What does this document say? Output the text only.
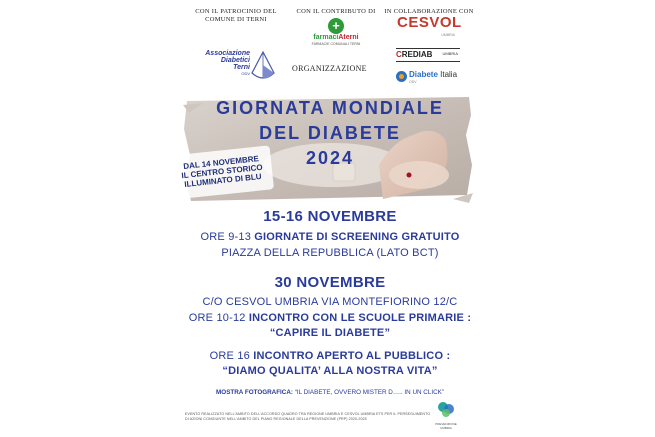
CON IL PATROCINIO DEL
COMUNE DI TERNI
CON IL CONTRIBUTO DI	IN COLLABORAZIONE CON
+
farmaciAterni
FARMACIE COMUNALI TERNI
CESVOL
UMBRIA
Associazione
Diabetici
Terni
ODV
ORGANIZZAZIONE
CREDIAB	UMBRIA
Diabete Italia
ODV
GIORNATA MONDIALE
DEL DIABETE
2024
DAL 14 NOVEMBRE
IL CENTRO STORICO
ILLUMINATO DI BLU
15-16 NOVEMBRE
ORE 9-13 GIORNATE DI SCREENING GRATUITO
PIAZZA DELLA REPUBBLICA (LATO BCT)
30 NOVEMBRE
C/O CESVOL UMBRIA VIA MONTEFIORINO 12/C
ORE 10-12 INCONTRO CON LE SCUOLE PRIMARIE :
“CAPIRE IL DIABETE”
ORE 16 INCONTRO APERTO AL PUBBLICO :
“DIAMO QUALITA’ ALLA NOSTRA VITA”
MOSTRA FOTOGRAFICA: “IL DIABETE, OVVERO MISTER D….. IN UN CLICK”
EVENTO REALIZZATO NELL'AMBITO DELL'ACCORDO QUADRO TRA REGIONE UMBRIA E CESVOL UMBRIA ETS PER IL PERSEGUIMENTO DI AZIONI CONGIUNTE NELL'AMBITO DEL PIANO REGIONALE DELLA PREVENZIONE (PRP) 2020-2025
PREVENZIONE UMBRIA
